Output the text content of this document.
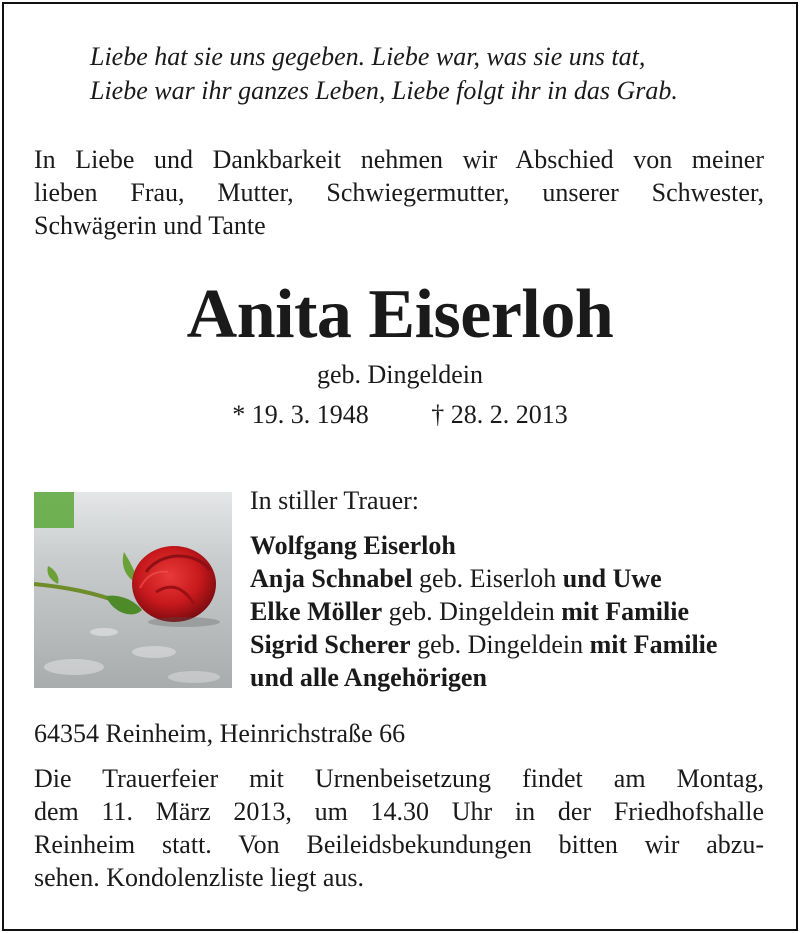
Liebe hat sie uns gegeben. Liebe war, was sie uns tat,
Liebe war ihr ganzes Leben, Liebe folgt ihr in das Grab.
In Liebe und Dankbarkeit nehmen wir Abschied von meiner
lieben Frau, Mutter, Schwiegermutter, unserer Schwester,
Schwägerin und Tante
Anita Eiserloh
geb. Dingeldein
* 19. 3. 1948 † 28. 2. 2013
In stiller Trauer:
Wolfgang Eiserloh
Anja Schnabel geb. Eiserloh und Uwe
Elke Möller geb. Dingeldein mit Familie
Sigrid Scherer geb. Dingeldein mit Familie
und alle Angehörigen
64354 Reinheim, Heinrichstraße 66
Die Trauerfeier mit Urnenbeisetzung findet am Montag,
dem 11. März 2013, um 14.30 Uhr in der Friedhofshalle
Reinheim statt. Von Beileidsbekundungen bitten wir abzu-
sehen. Kondolenzliste liegt aus.
